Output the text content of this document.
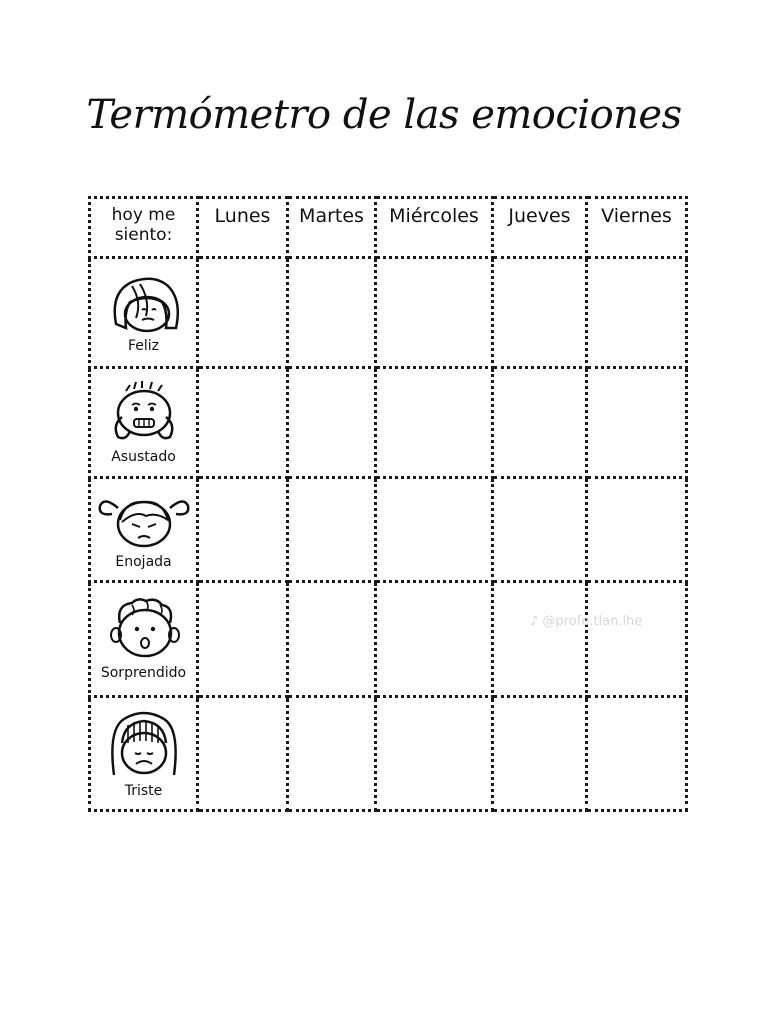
Termómetro de las emociones
hoy me siento:	Lunes	Martes	Miércoles	Jueves	Viernes

Feliz					

Asustado					

Enojada					

Sorprendido					

Triste					

♪ @profe.tlan.lhe
